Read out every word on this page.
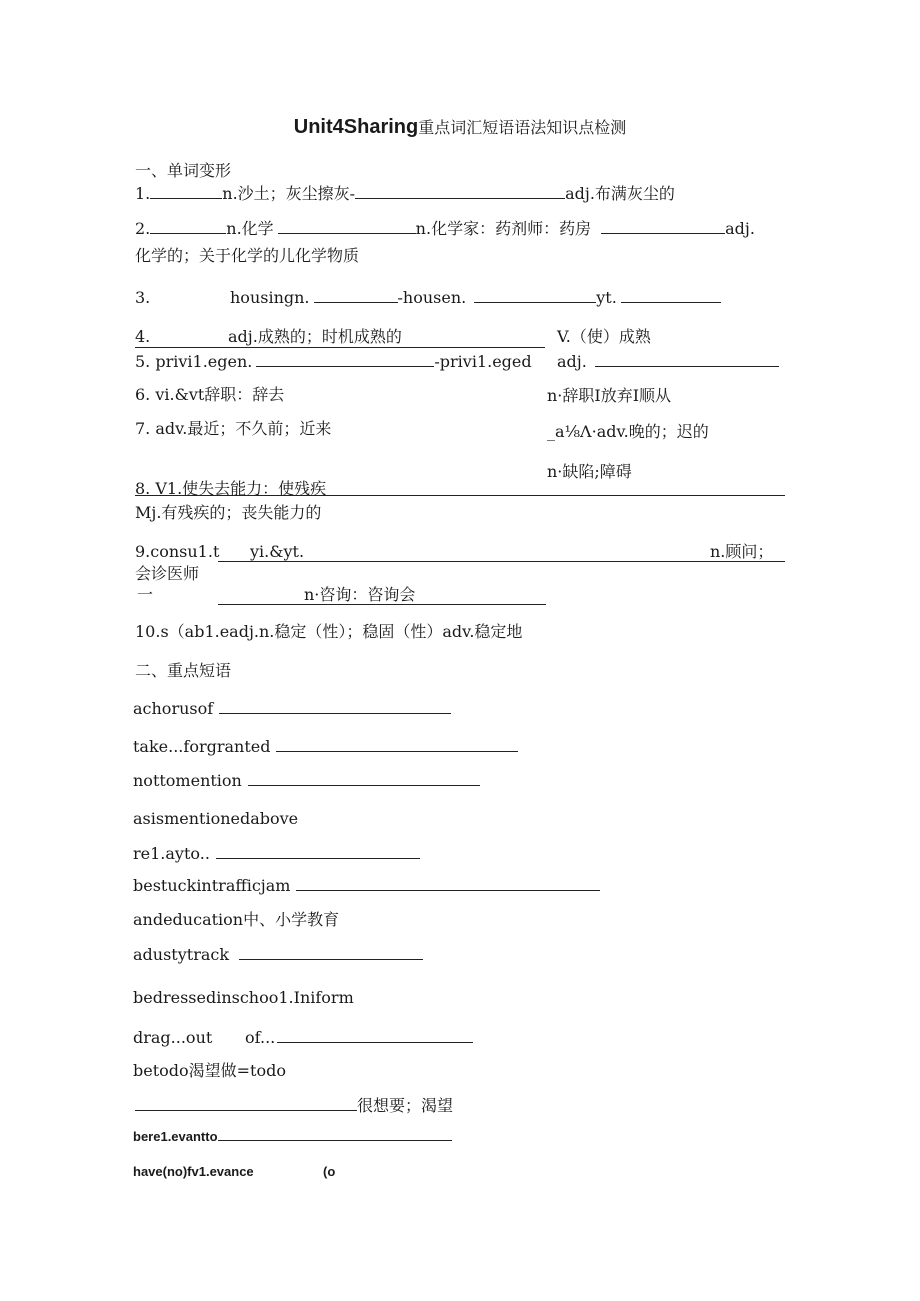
Unit4Sharing重点词汇短语语法知识点检测
一、单词变形
1.	n.沙土；灰尘擦灰-	adj.布满灰尘的
2.	n.化学	n.化学家：药剂师：药房	adj.
化学的；关于化学的儿化学物质
3.	housingn.	-housen.	yt.
4.	adj.成熟的；时机成熟的	V.（使）成熟
5. privi1.egen.	-privi1.eged adj.
6. vi.&vt辞职：辞去	n·辞职I放弃I顺从
7. adv.最近；不久前；近来	_a⅛Λ·adv.晚的；迟的
n·缺陷;障碍
8. V1.使失去能力：使残疾
Mj.有残疾的；丧失能力的
9.consu1.t yi.&yt.	n.顾问；
会诊医师
一	n·咨询：咨询会
10.s（ab1.eadj.n.稳定（性）；稳固（性）adv.稳定地
二、重点短语
achorusof
take...forgranted
nottomention
asismentionedabove
re1.ayto..
bestuckintrafficjam
andeducation中、小学教育
adustytrack
bedressedinschoo1.Iniform
drag...out of...
betodo渴望做=todo
很想要；渴望
bere1.evantto
have(no)fv1.evance	(o
